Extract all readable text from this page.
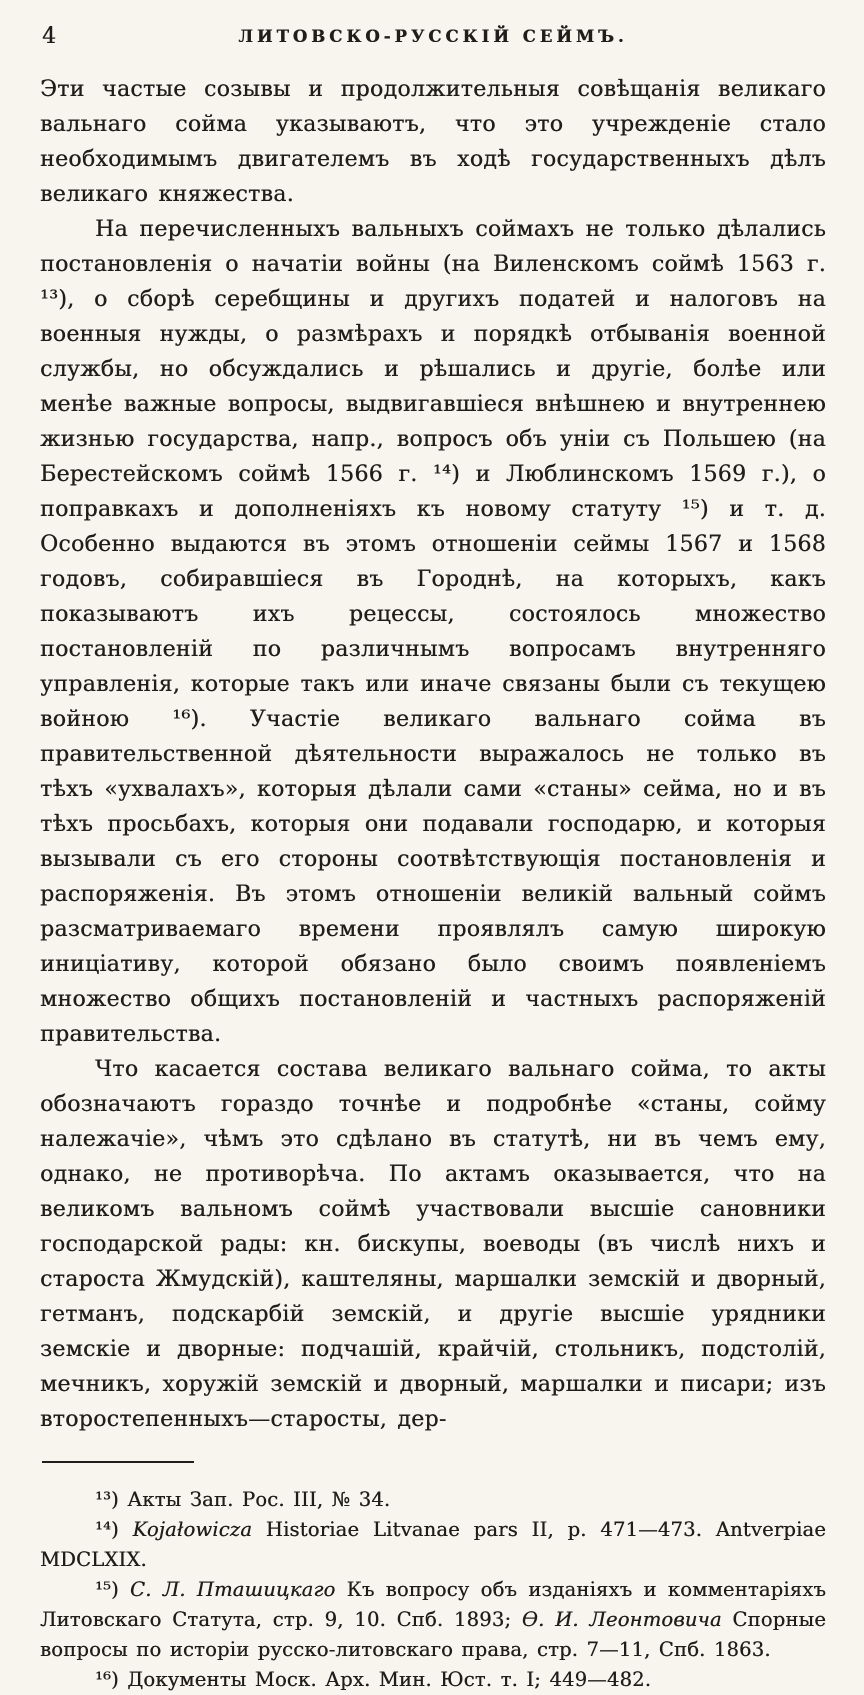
4	ЛИТОВСКО-РУССКІЙ СЕЙМЪ.

Эти частые созывы и продолжительныя совѣщанія великаго вальнаго сойма указываютъ, что это учрежденіе стало необходимымъ двигателемъ въ ходѣ государственныхъ дѣлъ великаго княжества.

На перечисленныхъ вальныхъ соймахъ не только дѣлались постановленія о начатіи войны (на Виленскомъ соймѣ 1563 г. ¹³), о сборѣ серебщины и другихъ податей и налоговъ на военныя нужды, о размѣрахъ и порядкѣ отбыванія военной службы, но обсуждались и рѣшались и другіе, болѣе или менѣе важные вопросы, выдвигавшіеся внѣшнею и внутреннею жизнью государства, напр., вопросъ объ уніи съ Польшею (на Берестейскомъ соймѣ 1566 г. ¹⁴) и Люблинскомъ 1569 г.), о поправкахъ и дополненіяхъ къ новому статуту ¹⁵) и т. д. Особенно выдаются въ этомъ отношеніи сеймы 1567 и 1568 годовъ, собиравшіеся въ Городнѣ, на которыхъ, какъ показываютъ ихъ рецессы, состоялось множество постановленій по различнымъ вопросамъ внутренняго управленія, которые такъ или иначе связаны были съ текущею войною ¹⁶). Участіе великаго вальнаго сойма въ правительственной дѣятельности выражалось не только въ тѣхъ «ухвалахъ», которыя дѣлали сами «станы» сейма, но и въ тѣхъ просьбахъ, которыя они подавали господарю, и которыя вызывали съ его стороны соотвѣтствующія постановленія и распоряженія. Въ этомъ отношеніи великій вальный соймъ разсматриваемаго времени проявлялъ самую широкую иниціативу, которой обязано было своимъ появленіемъ множество общихъ постановленій и частныхъ распоряженій правительства.

Что касается состава великаго вальнаго сойма, то акты обозначаютъ гораздо точнѣе и подробнѣе «станы, сойму належачіе», чѣмъ это сдѣлано въ статутѣ, ни въ чемъ ему, однако, не противорѣча. По актамъ оказывается, что на великомъ вальномъ соймѣ участвовали высшіе сановники господарской рады: кн. бискупы, воеводы (въ числѣ нихъ и староста Жмудскій), каштеляны, маршалки земскій и дворный, гетманъ, подскарбій земскій, и другіе высшіе урядники земскіе и дворные: подчашій, крайчій, стольникъ, подстолій, мечникъ, хоружій земскій и дворный, маршалки и писари; изъ второстепенныхъ—старосты, дер-

¹³) Акты Зап. Рос. III, № 34.

¹⁴) Kojałowicza Historiae Litvanae pars II, p. 471—473. Antverpiae MDCLXIX.

¹⁵) С. Л. Пташицкаго Къ вопросу объ изданіяхъ и комментаріяхъ Литовскаго Статута, стр. 9, 10. Спб. 1893; Ѳ. И. Леонтовича Спорные вопросы по исторіи русско-литовскаго права, стр. 7—11, Спб. 1863.

¹⁶) Документы Моск. Арх. Мин. Юст. т. I; 449—482.
